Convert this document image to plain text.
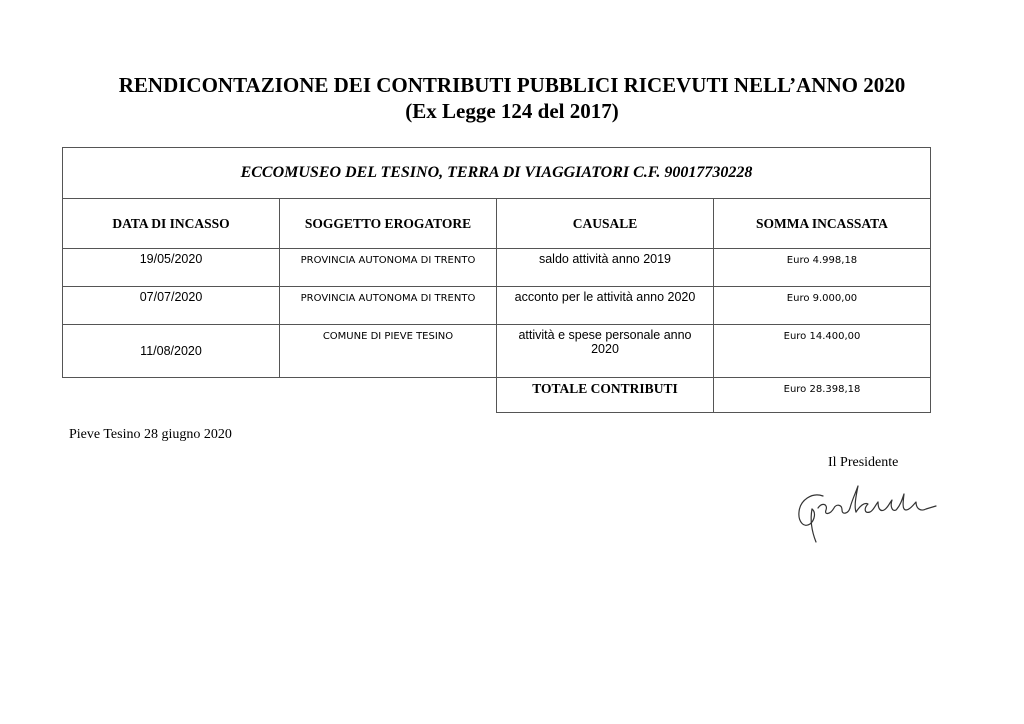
RENDICONTAZIONE DEI CONTRIBUTI PUBBLICI RICEVUTI NELL’ANNO 2020
(Ex Legge 124 del 2017)
ECCOMUSEO DEL TESINO, TERRA DI VIAGGIATORI C.F. 90017730228			
DATA DI INCASSO	SOGGETTO EROGATORE	CAUSALE	SOMMA INCASSATA
19/05/2020	PROVINCIA AUTONOMA DI TRENTO	saldo attività anno 2019	Euro 4.998,18
07/07/2020	PROVINCIA AUTONOMA DI TRENTO	acconto per le attività anno 2020	Euro 9.000,00
11/08/2020	COMUNE DI PIEVE TESINO	attività e spese personale anno 2020	Euro 14.400,00
		TOTALE CONTRIBUTI	Euro 28.398,18
Pieve Tesino 28 giugno 2020
Il Presidente
